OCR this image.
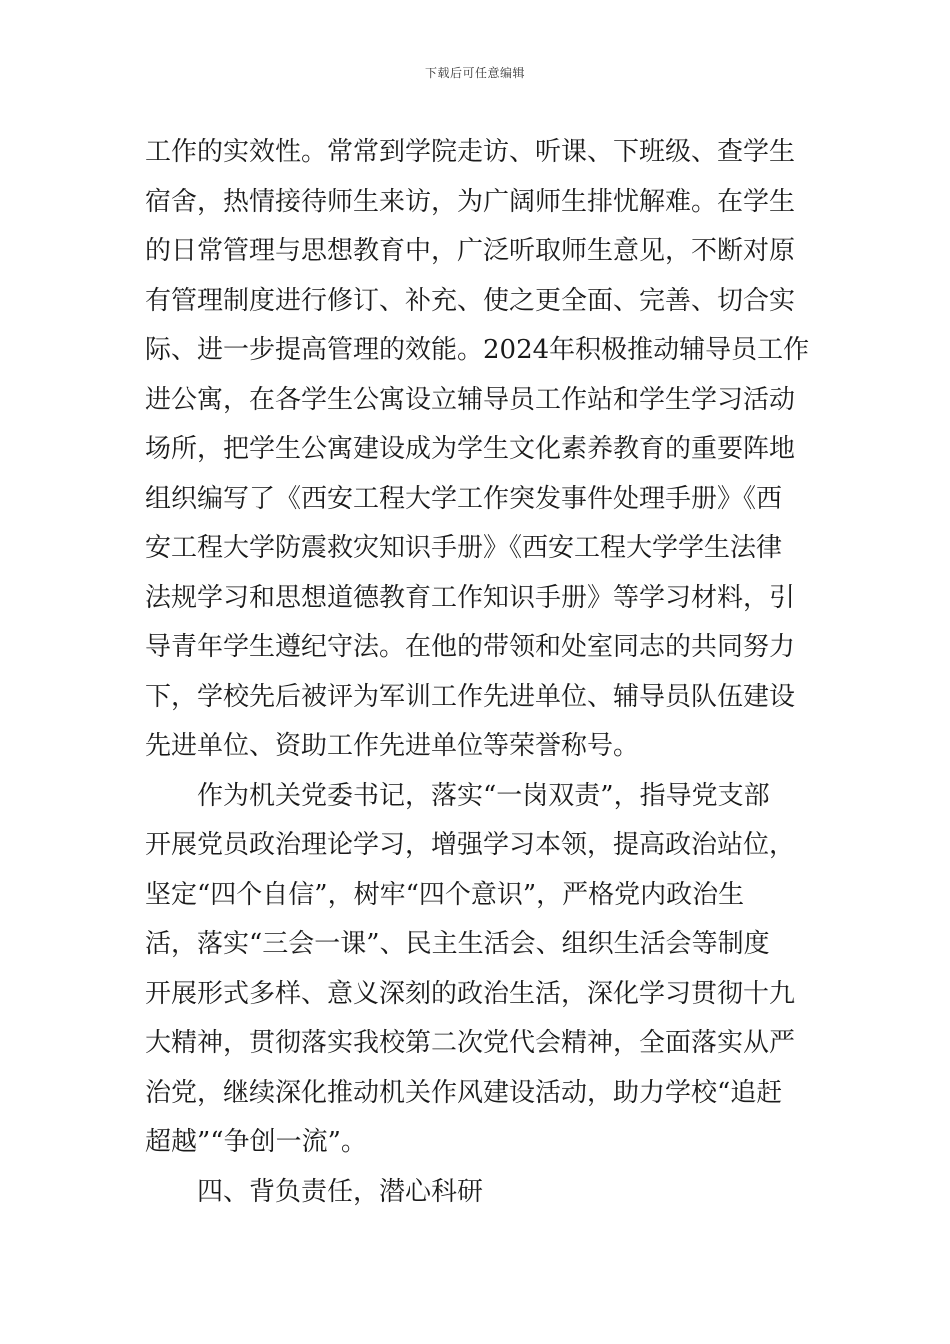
下载后可任意编辑
工作的实效性。常常到学院走访、听课、下班级、查学生
宿舍，热情接待师生来访，为广阔师生排忧解难。在学生
的日常管理与思想教育中，广泛听取师生意见，不断对原
有管理制度进行修订、补充、使之更全面、完善、切合实
际、进一步提高管理的效能。2024年积极推动辅导员工作
进公寓，在各学生公寓设立辅导员工作站和学生学习活动
场所，把学生公寓建设成为学生文化素养教育的重要阵地
组织编写了《西安工程大学工作突发事件处理手册》《西
安工程大学防震救灾知识手册》《西安工程大学学生法律
法规学习和思想道德教育工作知识手册》等学习材料，引
导青年学生遵纪守法。在他的带领和处室同志的共同努力
下，学校先后被评为军训工作先进单位、辅导员队伍建设
先进单位、资助工作先进单位等荣誉称号。
作为机关党委书记，落实“一岗双责”，指导党支部
开展党员政治理论学习，增强学习本领，提高政治站位，
坚定“四个自信”，树牢“四个意识”，严格党内政治生
活，落实“三会一课”、民主生活会、组织生活会等制度
开展形式多样、意义深刻的政治生活，深化学习贯彻十九
大精神，贯彻落实我校第二次党代会精神，全面落实从严
治党，继续深化推动机关作风建设活动，助力学校“追赶
超越”“争创一流”。
四、背负责任，潜心科研
